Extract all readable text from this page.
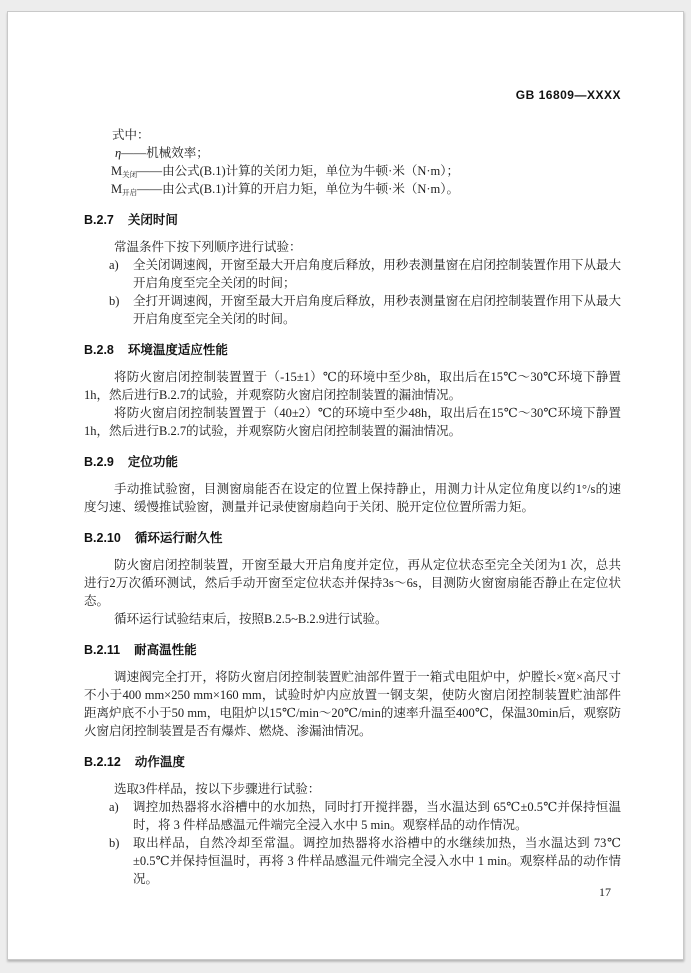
GB 16809—XXXX
式中：
η——机械效率；
$M_{关闭}——$由公式(B.1)计算的关闭力矩，单位为牛顿·米（N·m）；
$M_{开启}——$由公式(B.1)计算的开启力矩，单位为牛顿·米（N·m）。
B.2.7 关闭时间

常温条件下按下列顺序进行试验：

a) 全关闭调速阀，开窗至最大开启角度后释放，用秒表测量窗在启闭控制装置作用下从最大开启角度至完全关闭的时间；
b) 全打开调速阀，开窗至最大开启角度后释放，用秒表测量窗在启闭控制装置作用下从最大开启角度至完全关闭的时间。
B.2.8 环境温度适应性能

将防火窗启闭控制装置置于（-15±1）℃的环境中至少8h，取出后在15℃～30℃环境下静置1h，然后进行B.2.7的试验，并观察防火窗启闭控制装置的漏油情况。

将防火窗启闭控制装置置于（40±2）℃的环境中至少48h，取出后在15℃～30℃环境下静置1h，然后进行B.2.7的试验，并观察防火窗启闭控制装置的漏油情况。

B.2.9 定位功能

手动推试验窗，目测窗扇能否在设定的位置上保持静止，用测力计从定位角度以约1°/s的速度匀速、缓慢推试验窗，测量并记录使窗扇趋向于关闭、脱开定位位置所需力矩。

B.2.10 循环运行耐久性

防火窗启闭控制装置，开窗至最大开启角度并定位，再从定位状态至完全关闭为1 次，总共进行2万次循环测试，然后手动开窗至定位状态并保持3s～6s，目测防火窗窗扇能否静止在定位状态。

循环运行试验结束后，按照B.2.5~B.2.9进行试验。

B.2.11 耐高温性能

调速阀完全打开，将防火窗启闭控制装置贮油部件置于一箱式电阻炉中，炉膛长×宽×高尺寸不小于400 mm×250 mm×160 mm，试验时炉内应放置一钢支架，使防火窗启闭控制装置贮油部件距离炉底不小于50 mm，电阻炉以15℃/min～20℃/min的速率升温至400℃，保温30min后，观察防火窗启闭控制装置是否有爆炸、燃烧、渗漏油情况。

B.2.12 动作温度

选取3件样品，按以下步骤进行试验：

a) 调控加热器将水浴槽中的水加热，同时打开搅拌器，当水温达到 65℃±0.5℃并保持恒温时，将 3 件样品感温元件端完全浸入水中 5 min。观察样品的动作情况。
b) 取出样品，自然冷却至常温。调控加热器将水浴槽中的水继续加热，当水温达到 73℃±0.5℃并保持恒温时，再将 3 件样品感温元件端完全浸入水中 1 min。观察样品的动作情况。
17
